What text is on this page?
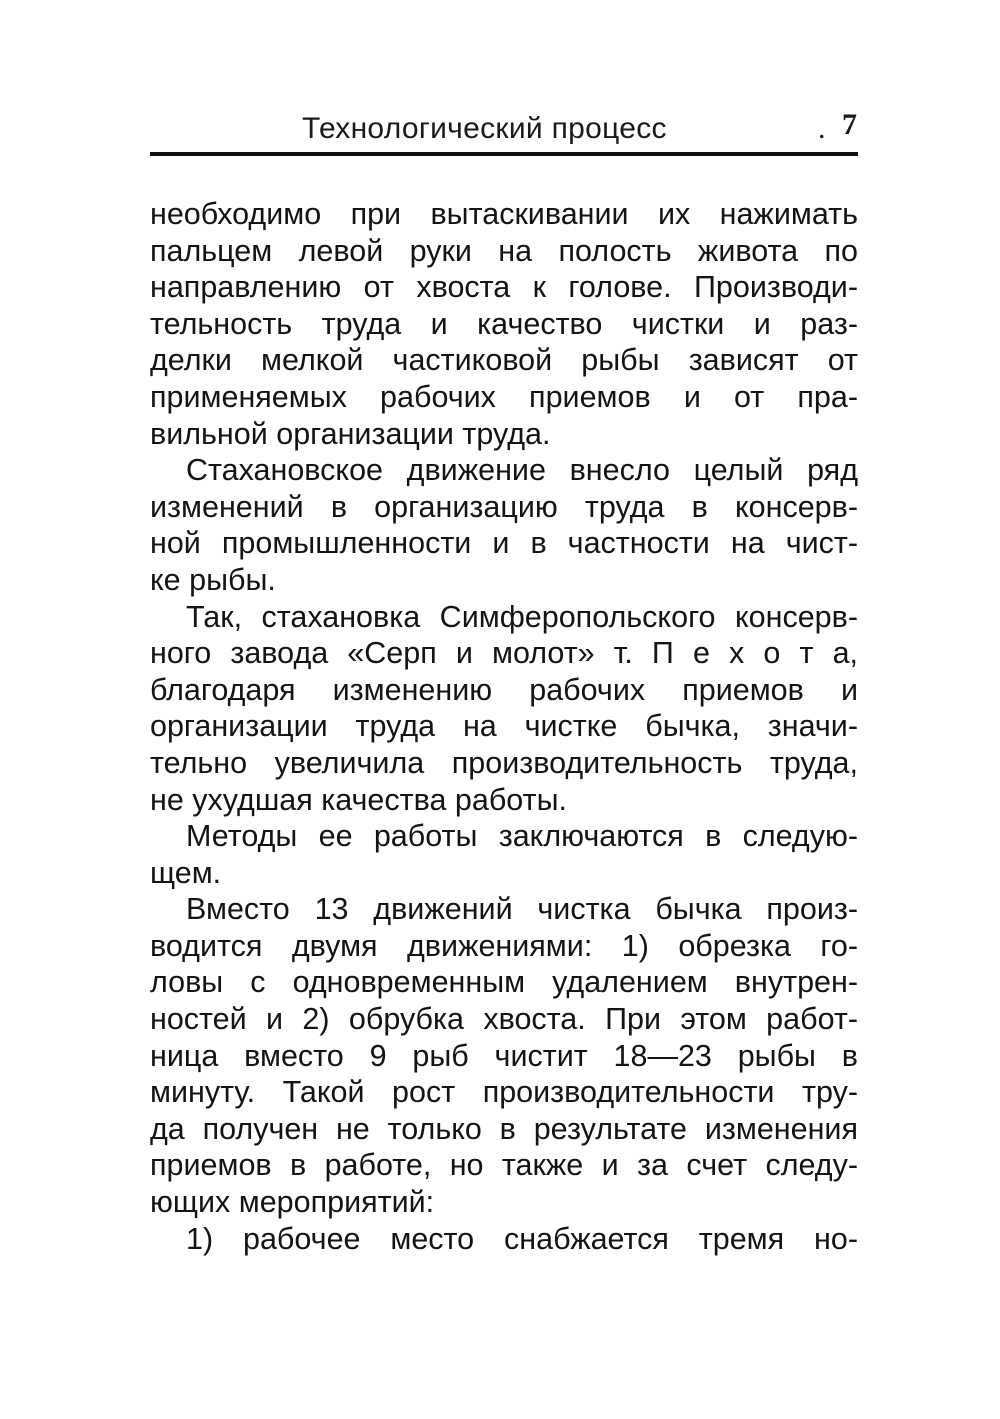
Технологический процесс	. 7
необходимо при вытаскивании их нажимать
пальцем левой руки на полость живота по
направлению от хвоста к голове. Производи-
тельность труда и качество чистки и раз-
делки мелкой частиковой рыбы зависят от
применяемых рабочих приемов и от пра-
вильной организации труда.
Стахановское движение внесло целый ряд
изменений в организацию труда в консерв-
ной промышленности и в частности на чист-
ке рыбы.
Так, стахановка Симферопольского консерв-
ного завода «Серп и молот» т. П е х о т а,
благодаря изменению рабочих приемов и
организации труда на чистке бычка, значи-
тельно увеличила производительность труда,
не ухудшая качества работы.
Методы ее работы заключаются в следую-
щем.
Вместо 13 движений чистка бычка произ-
водится двумя движениями: 1) обрезка го-
ловы с одновременным удалением внутрен-
ностей и 2) обрубка хвоста. При этом работ-
ница вместо 9 рыб чистит 18—23 рыбы в
минуту. Такой рост производительности тру-
да получен не только в результате изменения
приемов в работе, но также и за счет следу-
ющих мероприятий:
1) рабочее место снабжается тремя но-
